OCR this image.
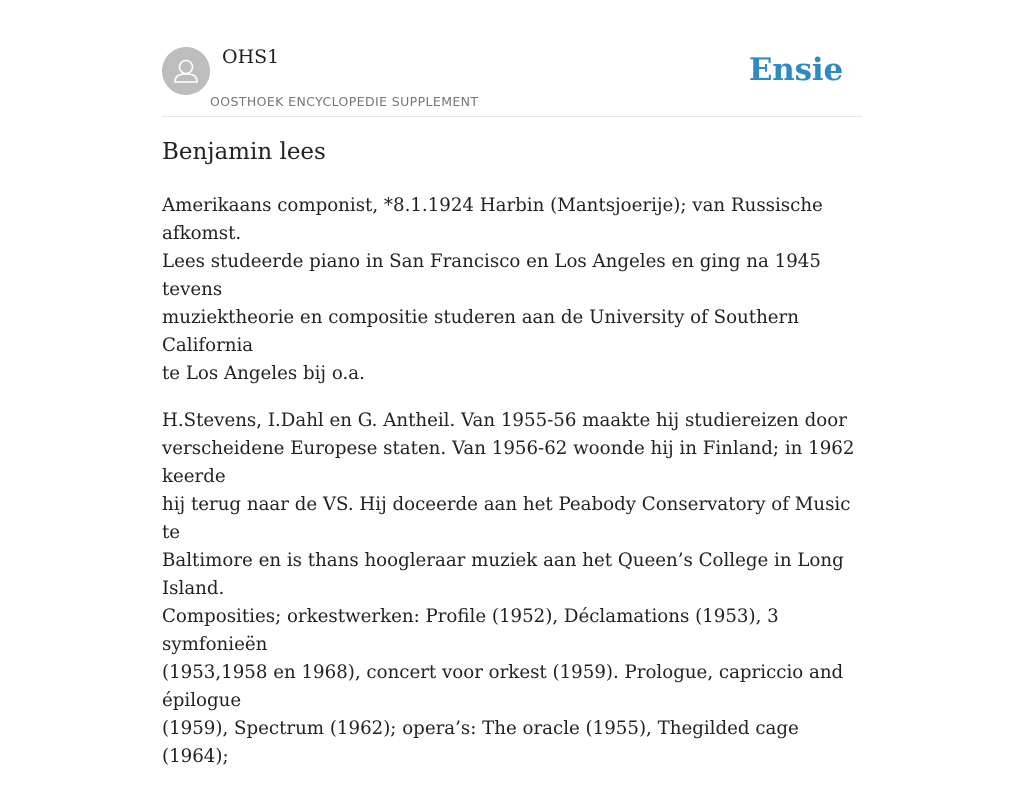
OHS1
OOSTHOEK ENCYCLOPEDIE SUPPLEMENT
Ensie
Benjamin lees

Amerikaans componist, *8.1.1924 Harbin (Mantsjoerije); van Russische afkomst.
Lees studeerde piano in San Francisco en Los Angeles en ging na 1945 tevens
muziektheorie en compositie studeren aan de University of Southern California
te Los Angeles bij o.a.

H.Stevens, I.Dahl en G. Antheil. Van 1955-56 maakte hij studiereizen door
verscheidene Europese staten. Van 1956-62 woonde hij in Finland; in 1962 keerde
hij terug naar de VS. Hij doceerde aan het Peabody Conservatory of Music te
Baltimore en is thans hoogleraar muziek aan het Queen’s College in Long Island.
Composities; orkestwerken: Profile (1952), Déclamations (1953), 3 symfonieën
(1953,1958 en 1968), concert voor orkest (1959). Prologue, capriccio and épilogue
(1959), Spectrum (1962); opera’s: The oracle (1955), Thegilded cage (1964);
